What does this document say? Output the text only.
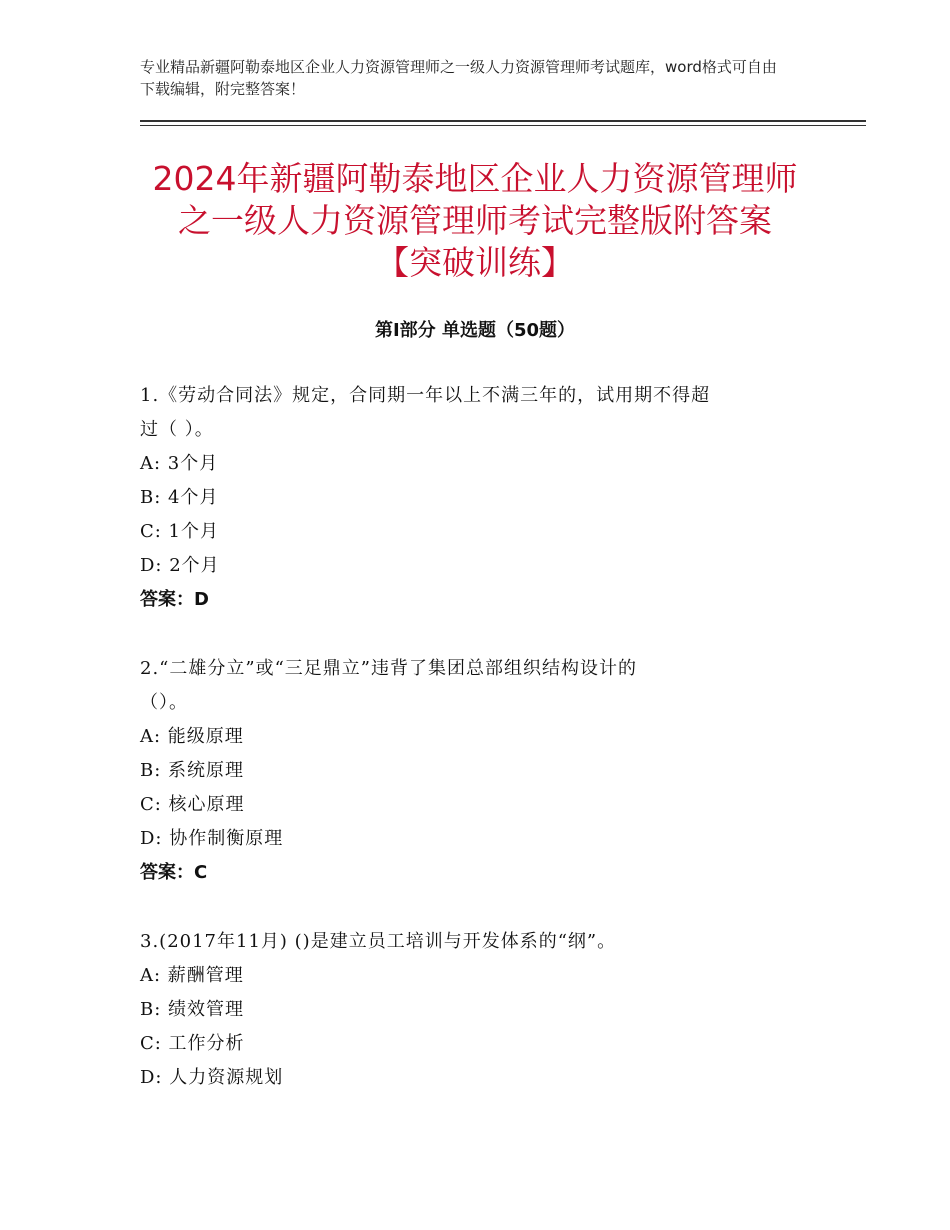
专业精品新疆阿勒泰地区企业人力资源管理师之一级人力资源管理师考试题库，word格式可自由下载编辑，附完整答案！
2024年新疆阿勒泰地区企业人力资源管理师
之一级人力资源管理师考试完整版附答案
【突破训练】
第Ⅰ部分 单选题（50题）
1.《劳动合同法》规定，合同期一年以上不满三年的，试用期不得超
过（ ）。
A: 3个月
B: 4个月
C: 1个月
D: 2个月
答案：D
2.“二雄分立”或“三足鼎立”违背了集团总部组织结构设计的
（）。
A: 能级原理
B: 系统原理
C: 核心原理
D: 协作制衡原理
答案：C
3.(2017年11月) ()是建立员工培训与开发体系的“纲”。
A: 薪酬管理
B: 绩效管理
C: 工作分析
D: 人力资源规划
